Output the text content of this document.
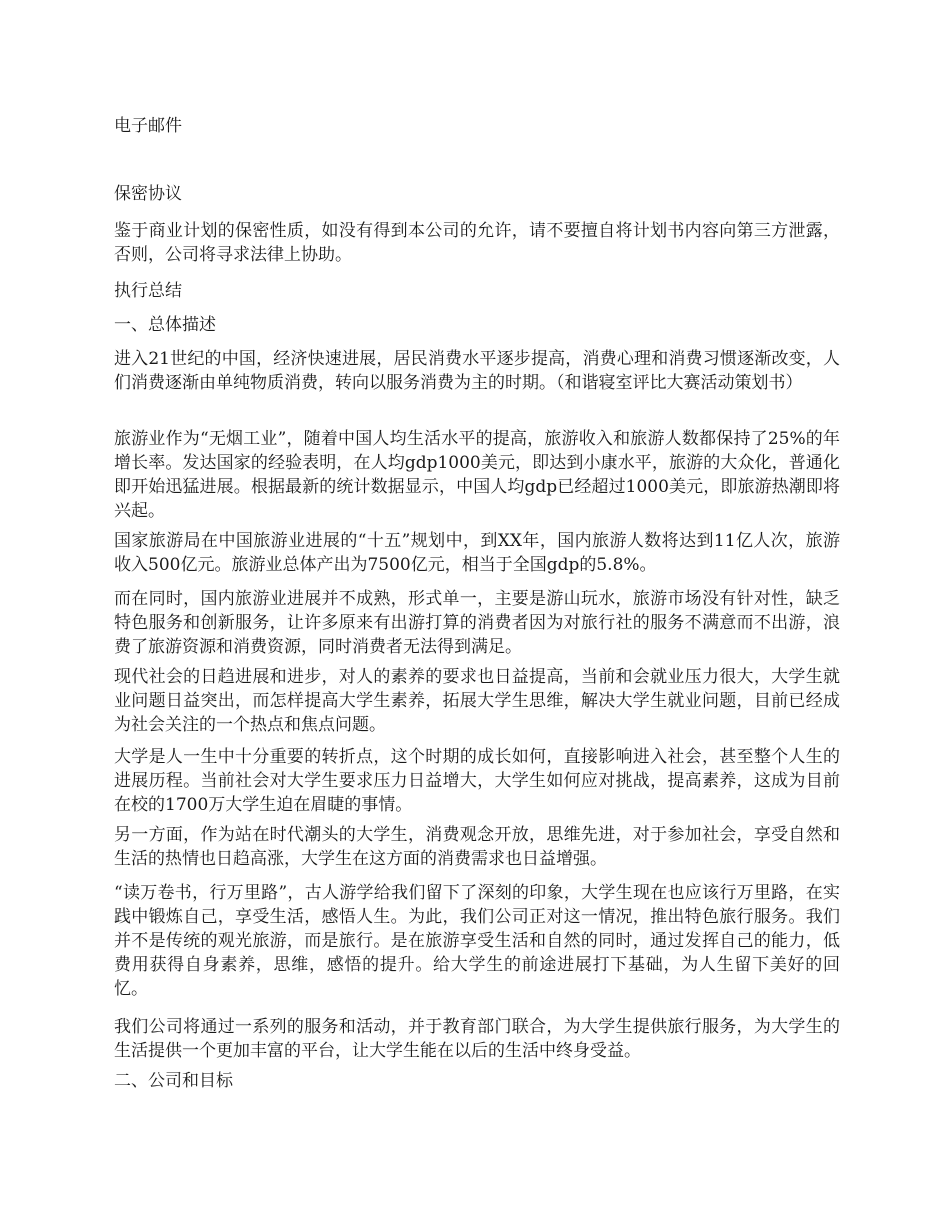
电子邮件

保密协议

鉴于商业计划的保密性质，如没有得到本公司的允许，请不要擅自将计划书内容向第三方泄露，否则，公司将寻求法律上协助。

执行总结

一、总体描述

进入21世纪的中国，经济快速进展，居民消费水平逐步提高，消费心理和消费习惯逐渐改变，人们消费逐渐由单纯物质消费，转向以服务消费为主的时期。（和谐寝室评比大赛活动策划书）

旅游业作为“无烟工业”，随着中国人均生活水平的提高，旅游收入和旅游人数都保持了25%的年增长率。发达国家的经验表明，在人均gdp1000美元，即达到小康水平，旅游的大众化，普通化即开始迅猛进展。根据最新的统计数据显示，中国人均gdp已经超过1000美元，即旅游热潮即将兴起。

国家旅游局在中国旅游业进展的“十五”规划中，到XX年，国内旅游人数将达到11亿人次，旅游收入500亿元。旅游业总体产出为7500亿元，相当于全国gdp的5.8%。

而在同时，国内旅游业进展并不成熟，形式单一，主要是游山玩水，旅游市场没有针对性，缺乏特色服务和创新服务，让许多原来有出游打算的消费者因为对旅行社的服务不满意而不出游，浪费了旅游资源和消费资源，同时消费者无法得到满足。

现代社会的日趋进展和进步，对人的素养的要求也日益提高，当前和会就业压力很大，大学生就业问题日益突出，而怎样提高大学生素养，拓展大学生思维，解决大学生就业问题，目前已经成为社会关注的一个热点和焦点问题。

大学是人一生中十分重要的转折点，这个时期的成长如何，直接影响进入社会，甚至整个人生的进展历程。当前社会对大学生要求压力日益增大，大学生如何应对挑战，提高素养，这成为目前在校的1700万大学生迫在眉睫的事情。

另一方面，作为站在时代潮头的大学生，消费观念开放，思维先进，对于参加社会，享受自然和生活的热情也日趋高涨，大学生在这方面的消费需求也日益增强。

“读万卷书，行万里路”，古人游学给我们留下了深刻的印象，大学生现在也应该行万里路，在实践中锻炼自己，享受生活，感悟人生。为此，我们公司正对这一情况，推出特色旅行服务。我们并不是传统的观光旅游，而是旅行。是在旅游享受生活和自然的同时，通过发挥自己的能力，低费用获得自身素养，思维，感悟的提升。给大学生的前途进展打下基础，为人生留下美好的回忆。

我们公司将通过一系列的服务和活动，并于教育部门联合，为大学生提供旅行服务，为大学生的生活提供一个更加丰富的平台，让大学生能在以后的生活中终身受益。

二、公司和目标
